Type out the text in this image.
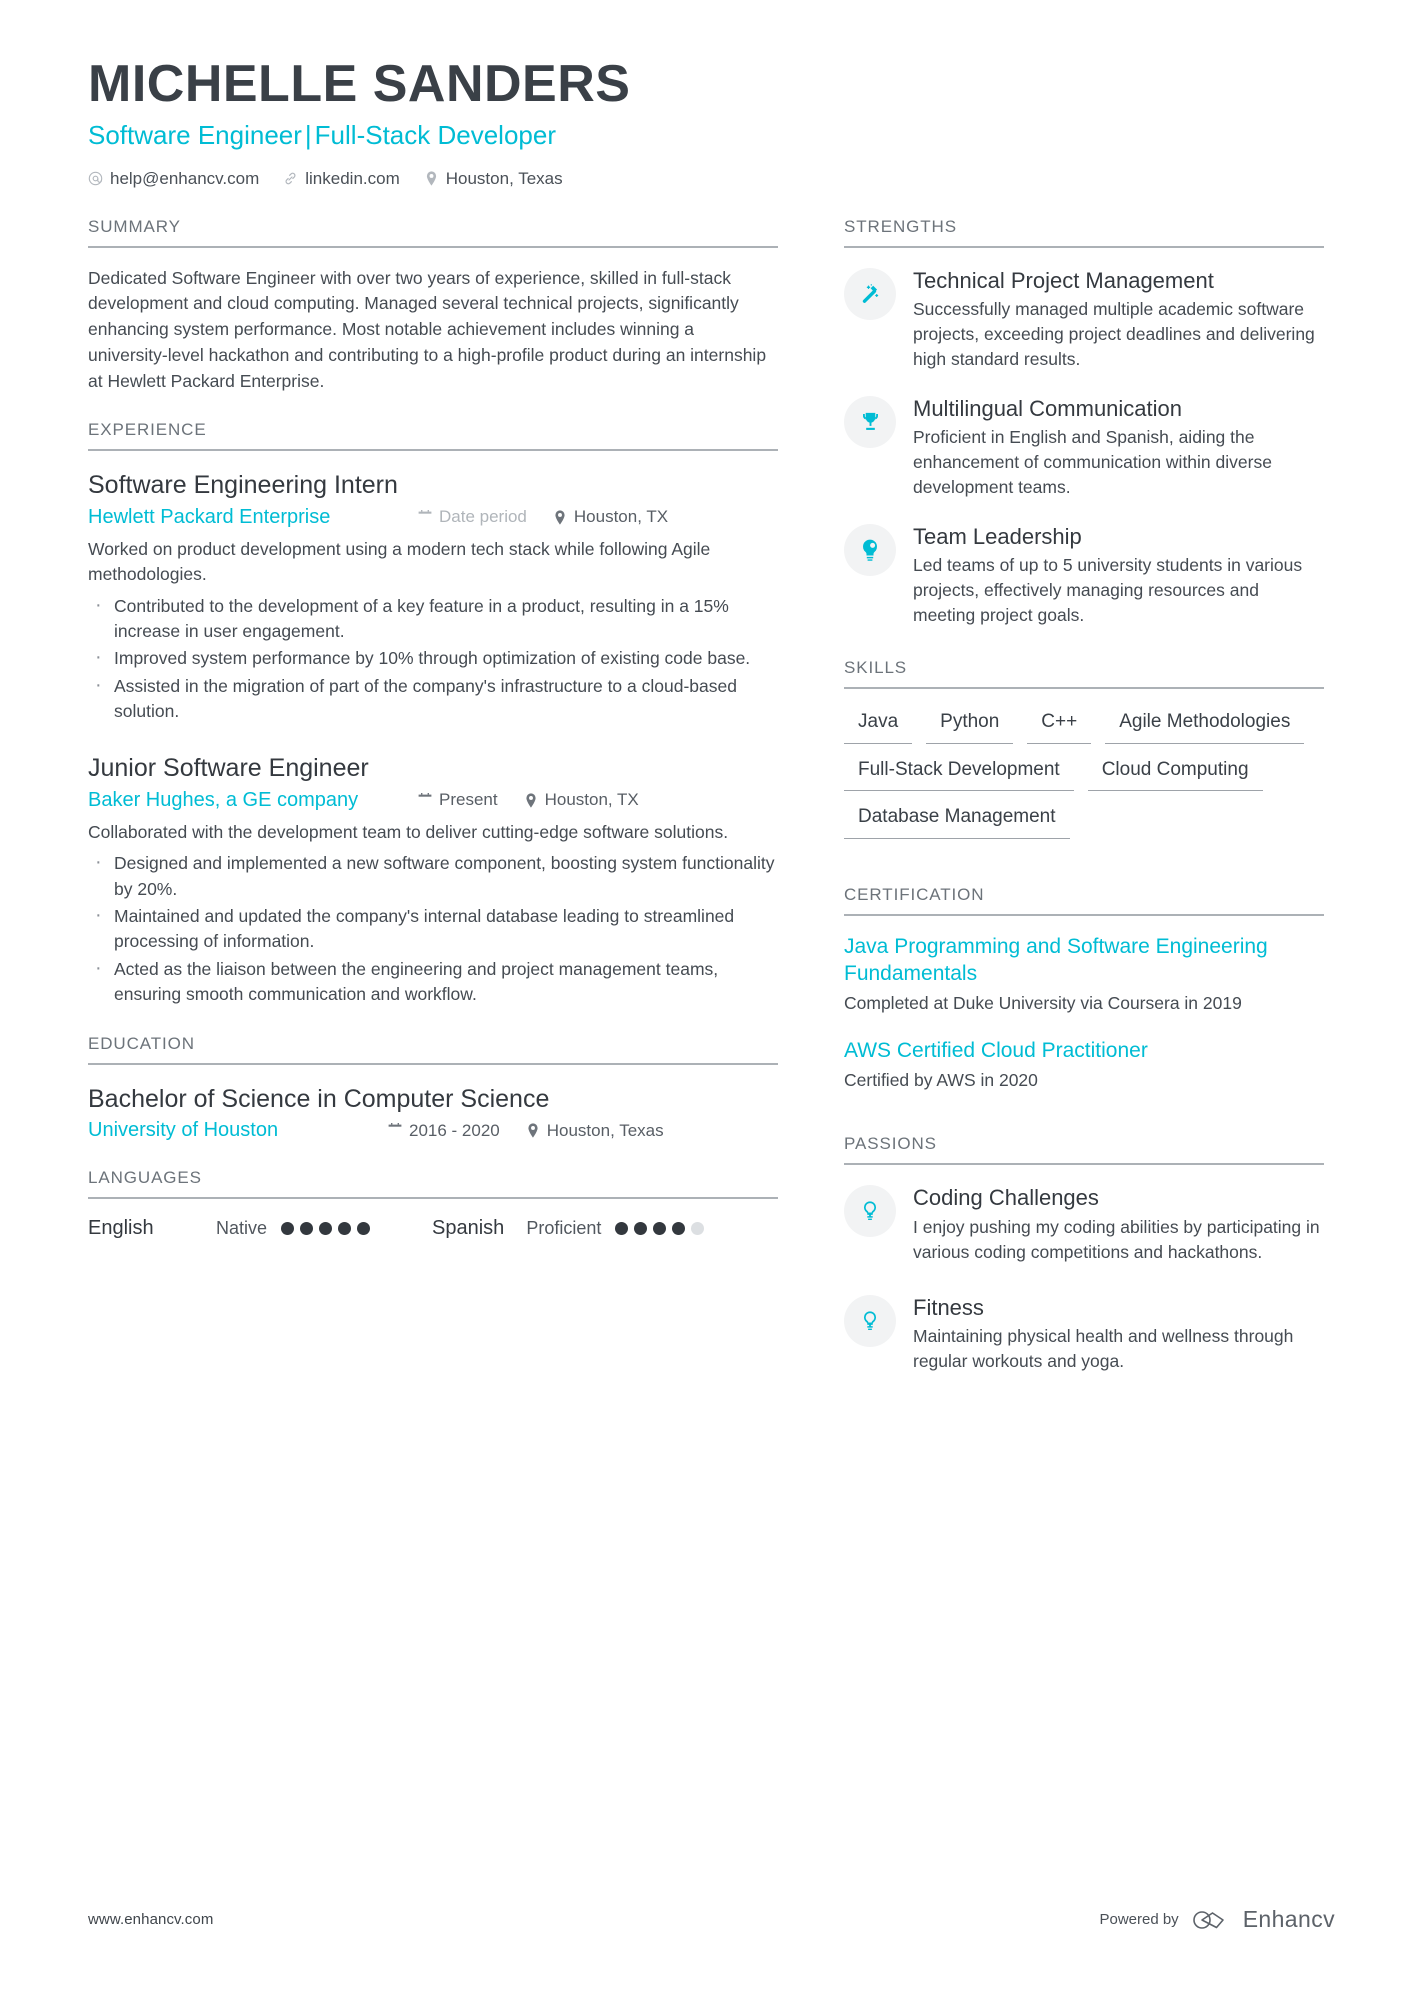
MICHELLE SANDERS
Software Engineer | Full-Stack Developer
help@enhancv.com	linkedin.com	Houston, Texas
SUMMARY
Dedicated Software Engineer with over two years of experience, skilled in full-stack development and cloud computing. Managed several technical projects, significantly enhancing system performance. Most notable achievement includes winning a university-level hackathon and contributing to a high-profile product during an internship at Hewlett Packard Enterprise.
EXPERIENCE
Software Engineering Intern
Hewlett Packard Enterprise	Date period	Houston, TX
Worked on product development using a modern tech stack while following Agile methodologies.
· Contributed to the development of a key feature in a product, resulting in a 15% increase in user engagement.
· Improved system performance by 10% through optimization of existing code base.
· Assisted in the migration of part of the company's infrastructure to a cloud-based solution.
Junior Software Engineer
Baker Hughes, a GE company	Present	Houston, TX
Collaborated with the development team to deliver cutting-edge software solutions.
· Designed and implemented a new software component, boosting system functionality by 20%.
· Maintained and updated the company's internal database leading to streamlined processing of information.
· Acted as the liaison between the engineering and project management teams, ensuring smooth communication and workflow.
EDUCATION
Bachelor of Science in Computer Science
University of Houston	2016 - 2020	Houston, Texas
LANGUAGES
English	Native	Spanish Proficient
STRENGTHS
Technical Project Management
Successfully managed multiple academic software projects, exceeding project deadlines and delivering high standard results.
Multilingual Communication
Proficient in English and Spanish, aiding the enhancement of communication within diverse development teams.
Team Leadership
Led teams of up to 5 university students in various projects, effectively managing resources and meeting project goals.
SKILLS
Java	Python	C++	Agile Methodologies
Full-Stack Development	Cloud Computing
Database Management
CERTIFICATION
Java Programming and Software Engineering Fundamentals
Completed at Duke University via Coursera in 2019
AWS Certified Cloud Practitioner
Certified by AWS in 2020
PASSIONS
Coding Challenges
I enjoy pushing my coding abilities by participating in various coding competitions and hackathons.
Fitness
Maintaining physical health and wellness through regular workouts and yoga.
www.enhancv.com	Powered by	Enhancv
